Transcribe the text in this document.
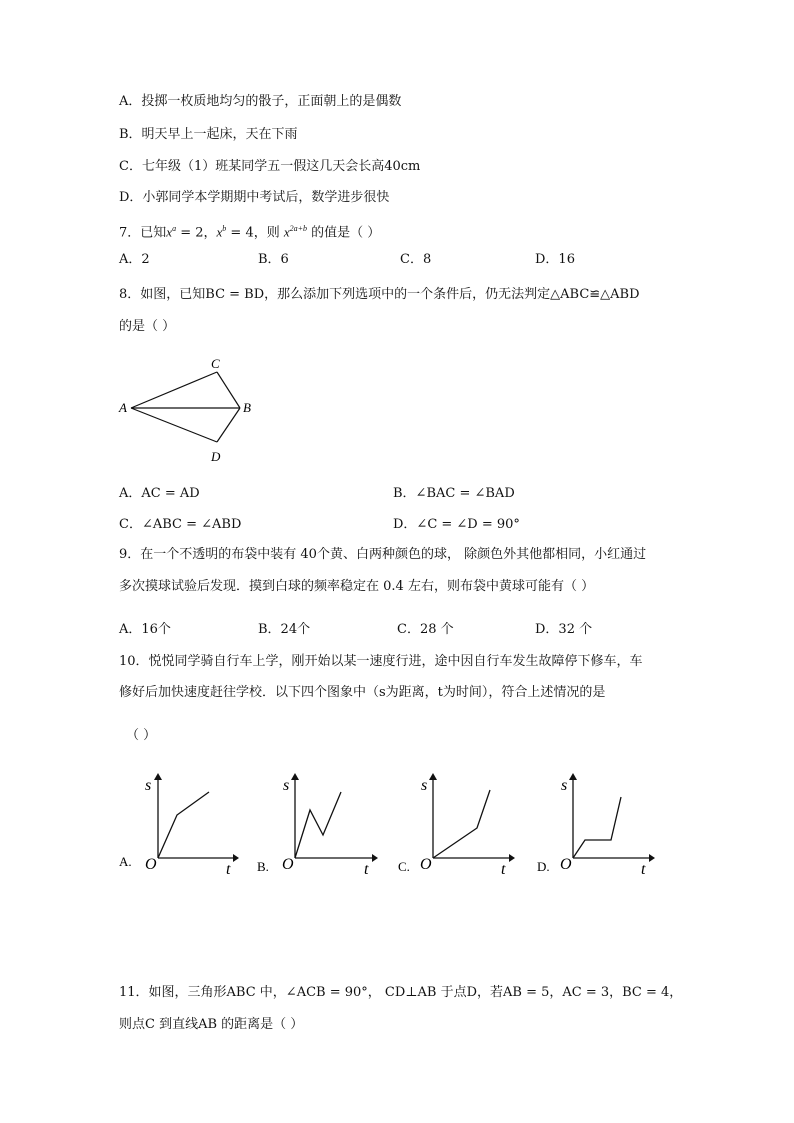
A．投掷一枚质地均匀的骰子，正面朝上的是偶数
B．明天早上一起床，天在下雨
C．七年级（1）班某同学五一假这几天会长高40cm
D．小郭同学本学期期中考试后，数学进步很快
7．已知$x^a = 2$，$x^b = 4$，则 $x^{2a+b}$ 的值是（ ）
A．2	B．6	C．8	D．16
8．如图，已知BC = BD，那么添加下列选项中的一个条件后，仍无法判定△ABC≌△ABD
的是（ ）
A	B
C
D
A．AC = AD	B．∠BAC = ∠BAD
C．∠ABC = ∠ABD	D．∠C = ∠D = 90°
9．在一个不透明的布袋中装有 40个黄、白两种颜色的球， 除颜色外其他都相同，小红通过
多次摸球试验后发现．摸到白球的频率稳定在 0.4 左右，则布袋中黄球可能有（ ）
A．16个	B．24个	C．28 个	D．32 个
10．悦悦同学骑自行车上学，刚开始以某一速度行进，途中因自行车发生故障停下修车，车
修好后加快速度赶往学校．以下四个图象中（s为距离，t为时间），符合上述情况的是
（ ）
s
O	t
A.
s
O	t
B.
s
O	t
C.
s
O	t
D.
11．如图，三角形ABC 中，∠ACB = 90°， CD⊥AB 于点D，若AB = 5，AC = 3，BC = 4，
则点C 到直线AB 的距离是（ ）
